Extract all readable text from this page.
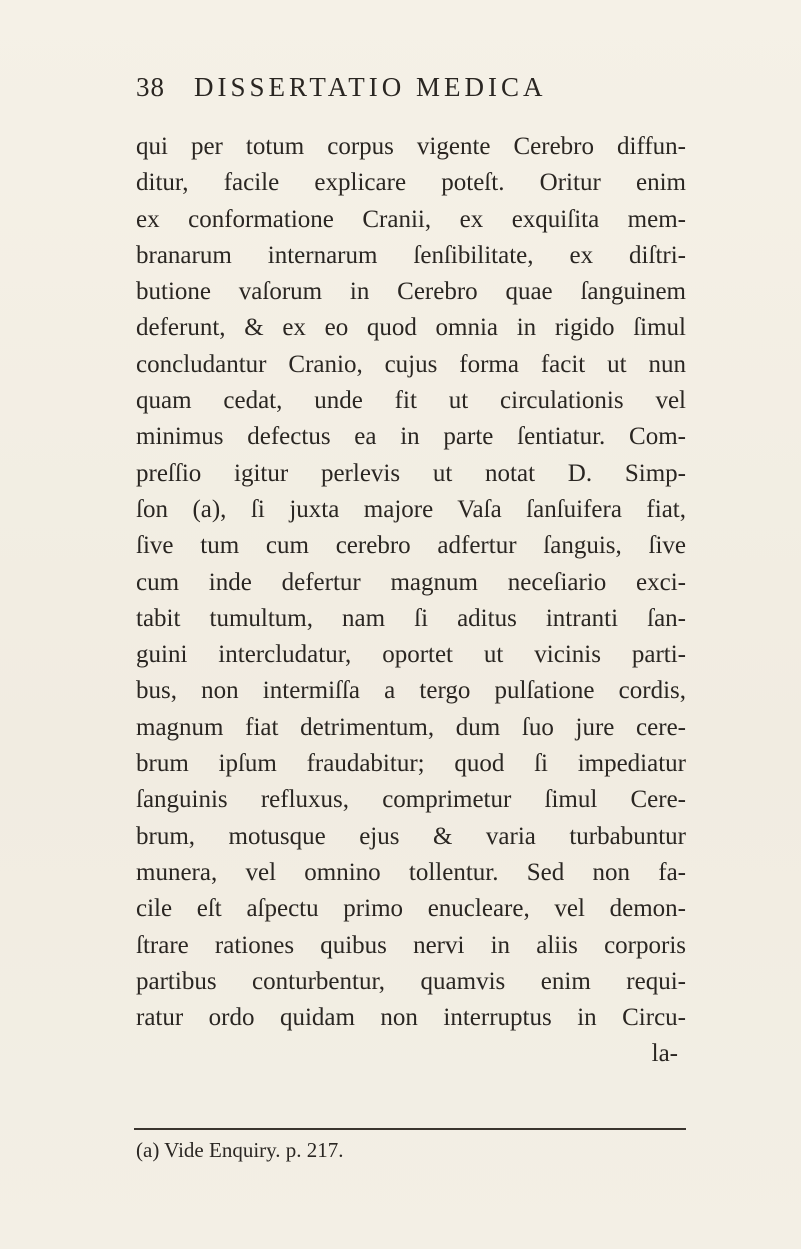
38 DISSERTATIO MEDICA
qui per totum corpus vigente Cerebro diffun-
ditur, facile explicare poteſt. Oritur enim
ex conformatione Cranii, ex exquiſita mem-
branarum internarum ſenſibilitate, ex diſtri-
butione vaſorum in Cerebro quae ſanguinem
deferunt, & ex eo quod omnia in rigido ſimul
concludantur Cranio, cujus forma facit ut nun
quam cedat, unde fit ut circulationis vel
minimus defectus ea in parte ſentiatur. Com-
preſſio igitur perlevis ut notat D. Simp-
ſon (a), ſi juxta majore Vaſa ſanſuifera fiat,
ſive tum cum cerebro adfertur ſanguis, ſive
cum inde defertur magnum neceſiario exci-
tabit tumultum, nam ſi aditus intranti ſan-
guini intercludatur, oportet ut vicinis parti-
bus, non intermiſſa a tergo pulſatione cordis,
magnum fiat detrimentum, dum ſuo jure cere-
brum ipſum fraudabitur; quod ſi impediatur
ſanguinis refluxus, comprimetur ſimul Cere-
brum, motusque ejus & varia turbabuntur
munera, vel omnino tollentur. Sed non fa-
cile eſt aſpectu primo enucleare, vel demon-
ſtrare rationes quibus nervi in aliis corporis
partibus conturbentur, quamvis enim requi-
ratur ordo quidam non interruptus in Circu-
la-
(a) Vide Enquiry. p. 217.
